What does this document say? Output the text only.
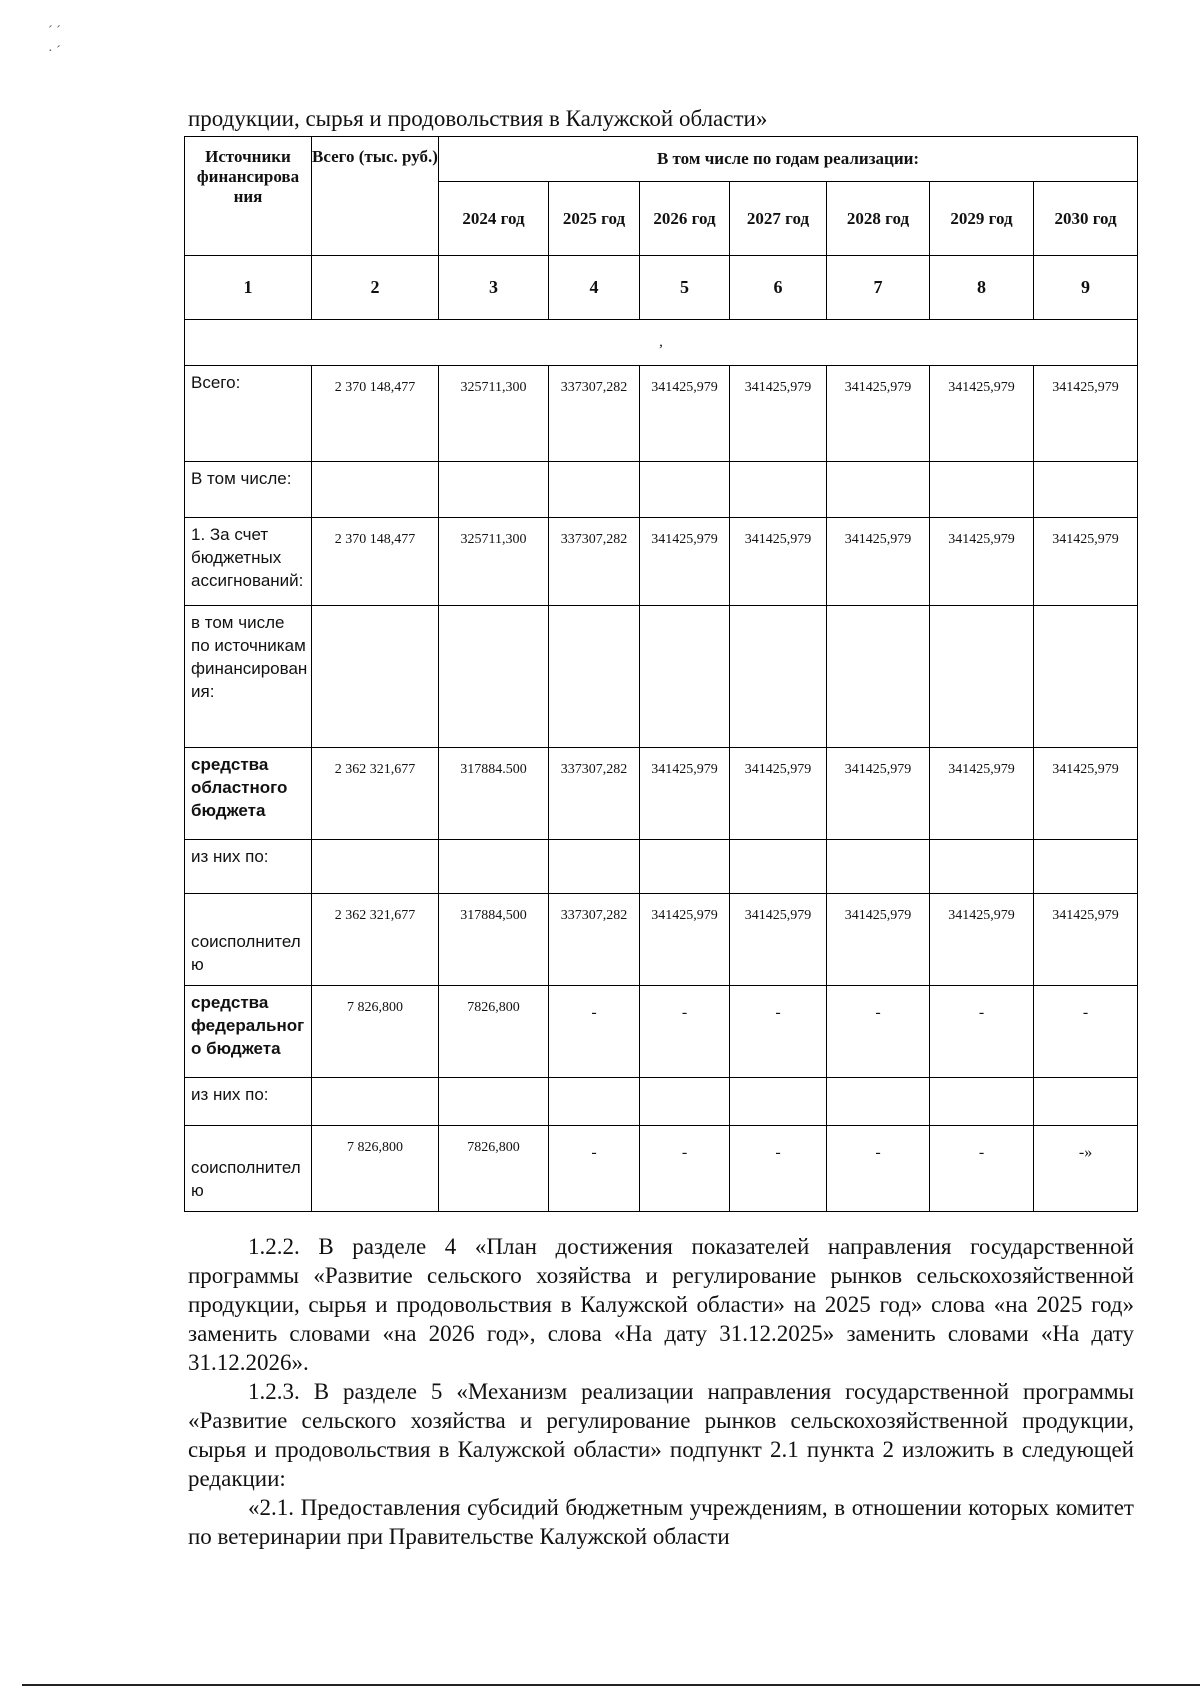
´ ´
· ´
продукции, сырья и продовольствия в Калужской области»
Источники финансирова ния	Всего (тыс. руб.)	В том числе по годам реализации:						
		2024 год	2025 год	2026 год	2027 год	2028 год	2029 год	2030 год
1	2	3	4	5	6	7	8	9
,								
Всего:	2 370 148,477	325711,300	337307,282	341425,979	341425,979	341425,979	341425,979	341425,979
В том числе:								
1. За счет бюджетных ассигнований:	2 370 148,477	325711,300	337307,282	341425,979	341425,979	341425,979	341425,979	341425,979
в том числе по источникам финансирован ия:								
средства областного бюджета	2 362 321,677	317884.500	337307,282	341425,979	341425,979	341425,979	341425,979	341425,979
из них по:								
соисполнител ю	2 362 321,677	317884,500	337307,282	341425,979	341425,979	341425,979	341425,979	341425,979
средства федеральног о бюджета	7 826,800	7826,800	-	-	-	-	-	-
из них по:								
соисполнител ю	7 826,800	7826,800	-	-	-	-	-	-»

1.2.2. В разделе 4 «План достижения показателей направления государственной программы «Развитие сельского хозяйства и регулирование рынков сельскохозяйственной продукции, сырья и продовольствия в Калужской области» на 2025 год» слова «на 2025 год» заменить словами «на 2026 год», слова «На дату 31.12.2025» заменить словами «На дату 31.12.2026».

1.2.3. В разделе 5 «Механизм реализации направления государственной программы «Развитие сельского хозяйства и регулирование рынков сельскохозяйственной продукции, сырья и продовольствия в Калужской области» подпункт 2.1 пункта 2 изложить в следующей редакции:

«2.1. Предоставления субсидий бюджетным учреждениям, в отношении которых комитет по ветеринарии при Правительстве Калужской области
